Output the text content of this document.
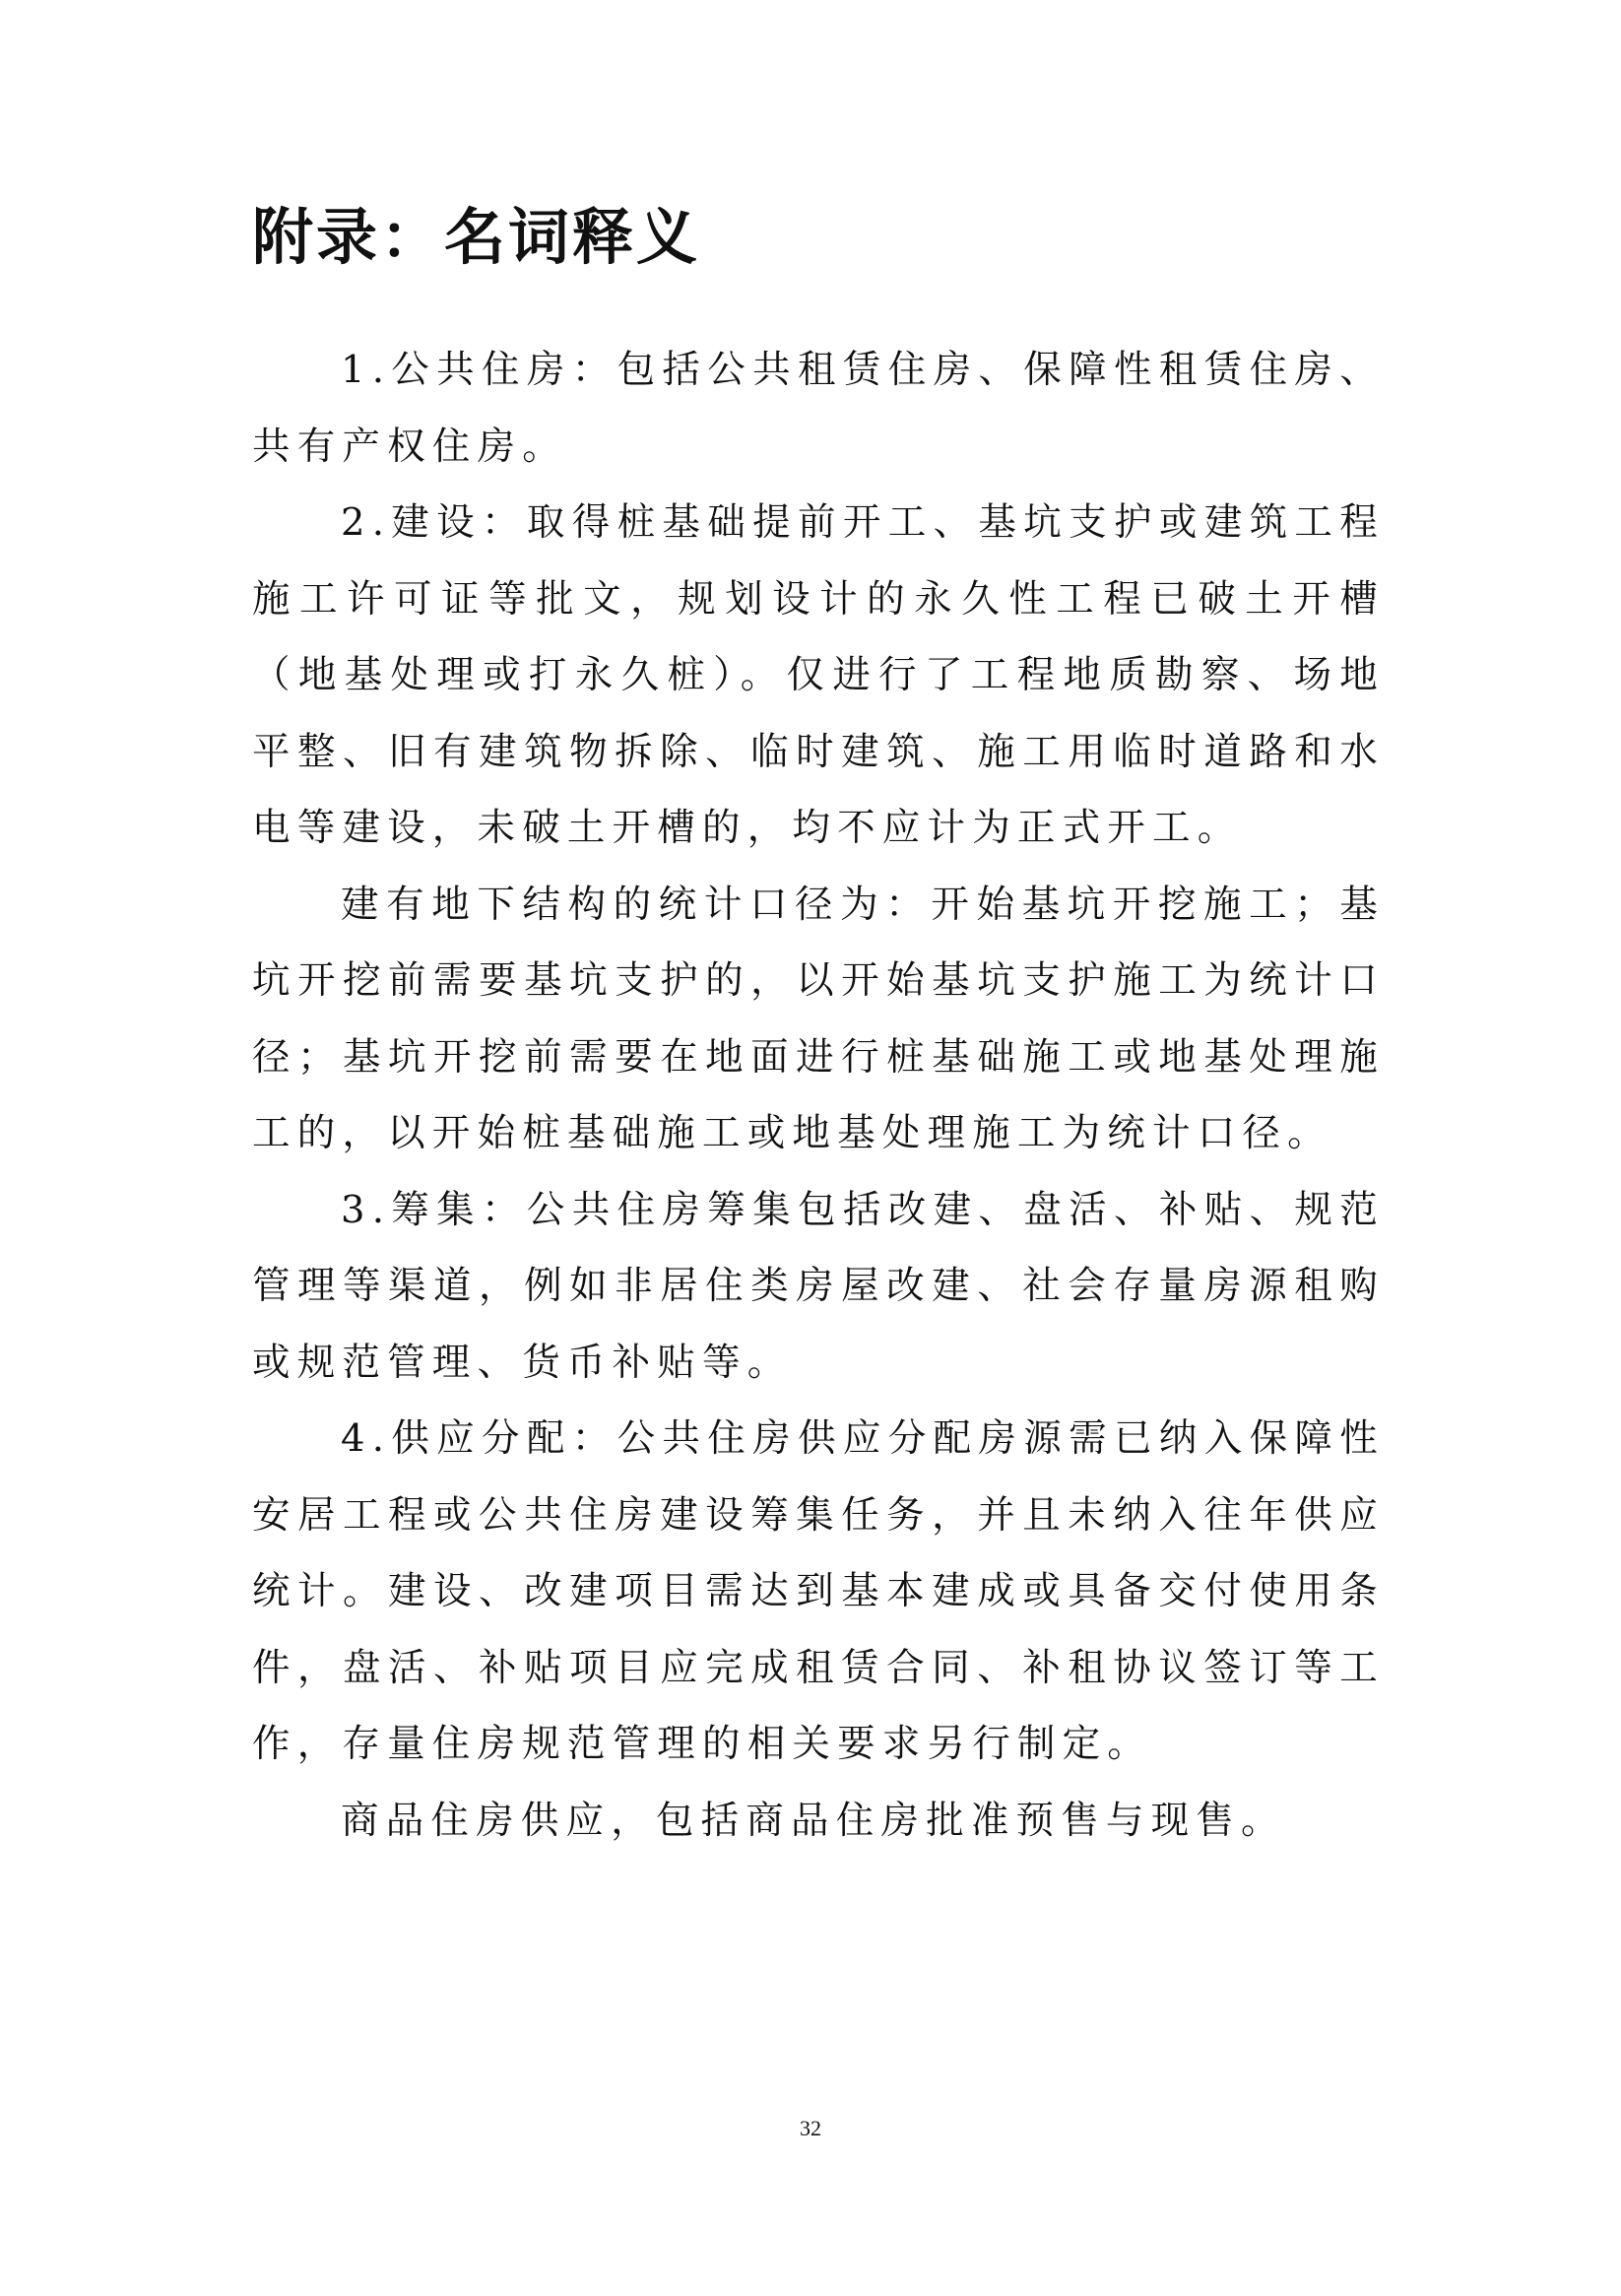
附录：名词释义

1.公共住房：包括公共租赁住房、保障性租赁住房、共有产权住房。

2.建设：取得桩基础提前开工、基坑支护或建筑工程施工许可证等批文，规划设计的永久性工程已破土开槽（地基处理或打永久桩）。仅进行了工程地质勘察、场地平整、旧有建筑物拆除、临时建筑、施工用临时道路和水电等建设，未破土开槽的，均不应计为正式开工。

建有地下结构的统计口径为：开始基坑开挖施工；基坑开挖前需要基坑支护的，以开始基坑支护施工为统计口径；基坑开挖前需要在地面进行桩基础施工或地基处理施工的，以开始桩基础施工或地基处理施工为统计口径。

3.筹集：公共住房筹集包括改建、盘活、补贴、规范管理等渠道，例如非居住类房屋改建、社会存量房源租购或规范管理、货币补贴等。

4.供应分配：公共住房供应分配房源需已纳入保障性安居工程或公共住房建设筹集任务，并且未纳入往年供应统计。建设、改建项目需达到基本建成或具备交付使用条件，盘活、补贴项目应完成租赁合同、补租协议签订等工作，存量住房规范管理的相关要求另行制定。

商品住房供应，包括商品住房批准预售与现售。

32
